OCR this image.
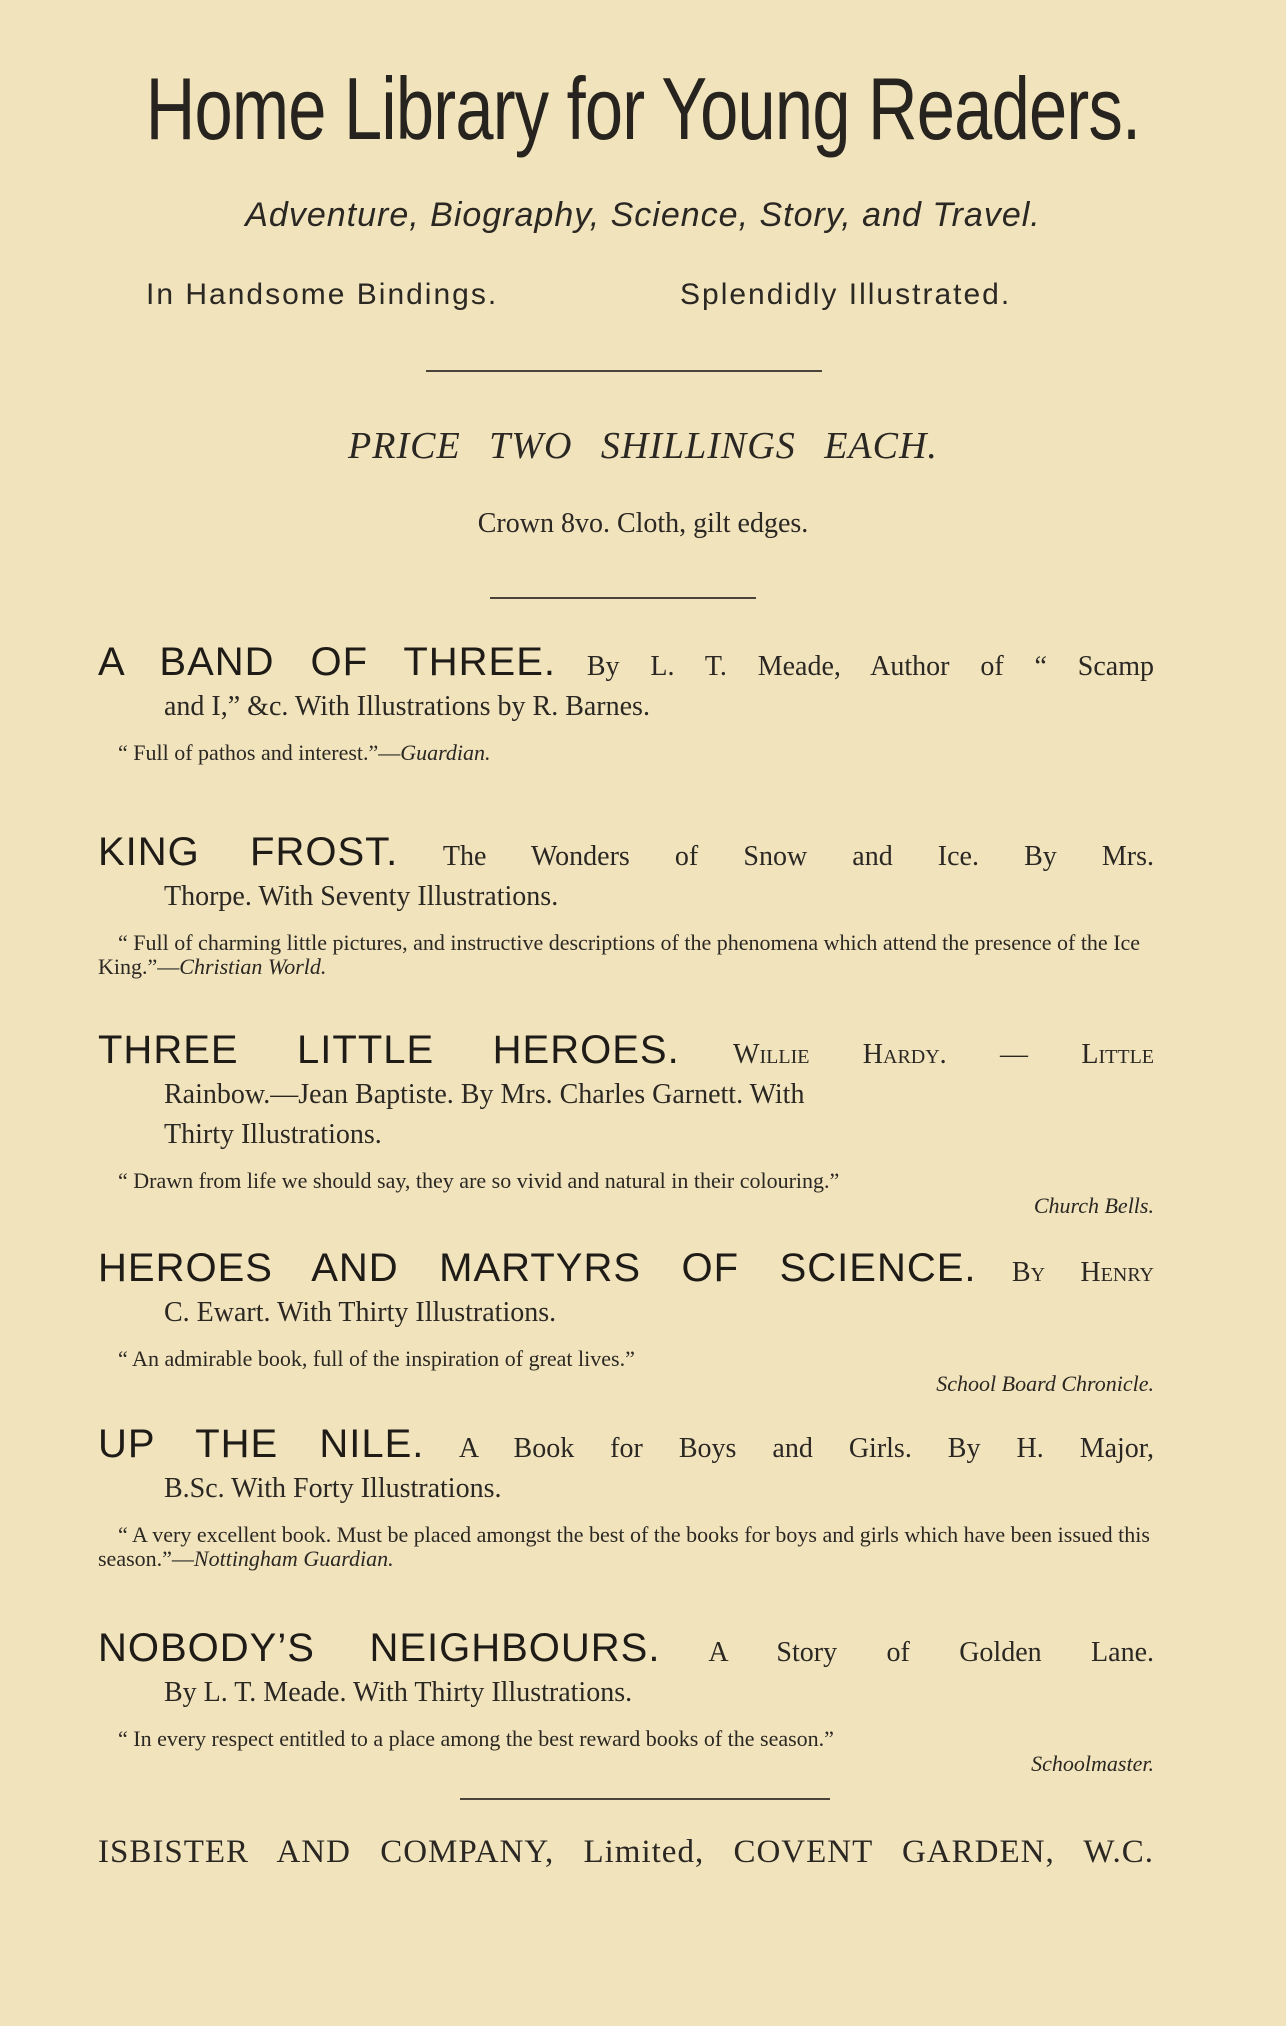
Home Library for Young Readers.
Adventure, Biography, Science, Story, and Travel.
In Handsome Bindings.	Splendidly Illustrated.
PRICE TWO SHILLINGS EACH.
Crown 8vo. Cloth, gilt edges.
A BAND OF THREE. By L. T. Meade, Author of “ Scamp
and I,” &c. With Illustrations by R. Barnes.
“ Full of pathos and interest.”—Guardian.
KING FROST. The Wonders of Snow and Ice. By Mrs.
Thorpe. With Seventy Illustrations.
“ Full of charming little pictures, and instructive descriptions of the phenomena which attend the presence of the Ice King.”—Christian World.
THREE LITTLE HEROES. Willie Hardy. — Little
Rainbow.—Jean Baptiste. By Mrs. Charles Garnett. With
Thirty Illustrations.
“ Drawn from life we should say, they are so vivid and natural in their colouring.”
Church Bells.
HEROES AND MARTYRS OF SCIENCE. By Henry
C. Ewart. With Thirty Illustrations.
“ An admirable book, full of the inspiration of great lives.”
School Board Chronicle.
UP THE NILE. A Book for Boys and Girls. By H. Major,
B.Sc. With Forty Illustrations.
“ A very excellent book. Must be placed amongst the best of the books for boys and girls which have been issued this season.”—Nottingham Guardian.
NOBODY’S NEIGHBOURS. A Story of Golden Lane.
By L. T. Meade. With Thirty Illustrations.
“ In every respect entitled to a place among the best reward books of the season.”
Schoolmaster.
ISBISTER AND COMPANY, Limited, COVENT GARDEN, W.C.
